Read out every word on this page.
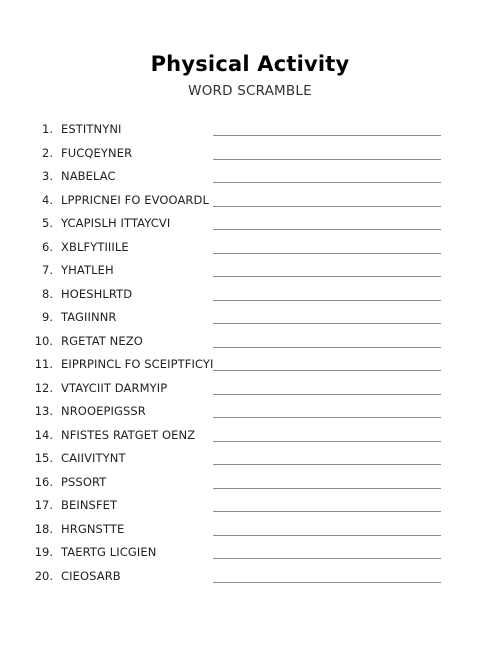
Physical Activity
WORD SCRAMBLE
1. ESTITNYNI
2. FUCQEYNER
3. NABELAC
4. LPPRICNEI FO EVOOARDL
5. YCAPISLH ITTAYCVI
6. XBLFYTIIILE
7. YHATLEH
8. HOESHLRTD
9. TAGIINNR
10. RGETAT NEZO
11. EIPRPINCL FO SCEIPTFICYI
12. VTAYCIIT DARMYIP
13. NROOEPIGSSR
14. NFISTES RATGET OENZ
15. CAIIVITYNT
16. PSSORT
17. BEINSFET
18. HRGNSTTE
19. TAERTG LICGIEN
20. CIEOSARB
